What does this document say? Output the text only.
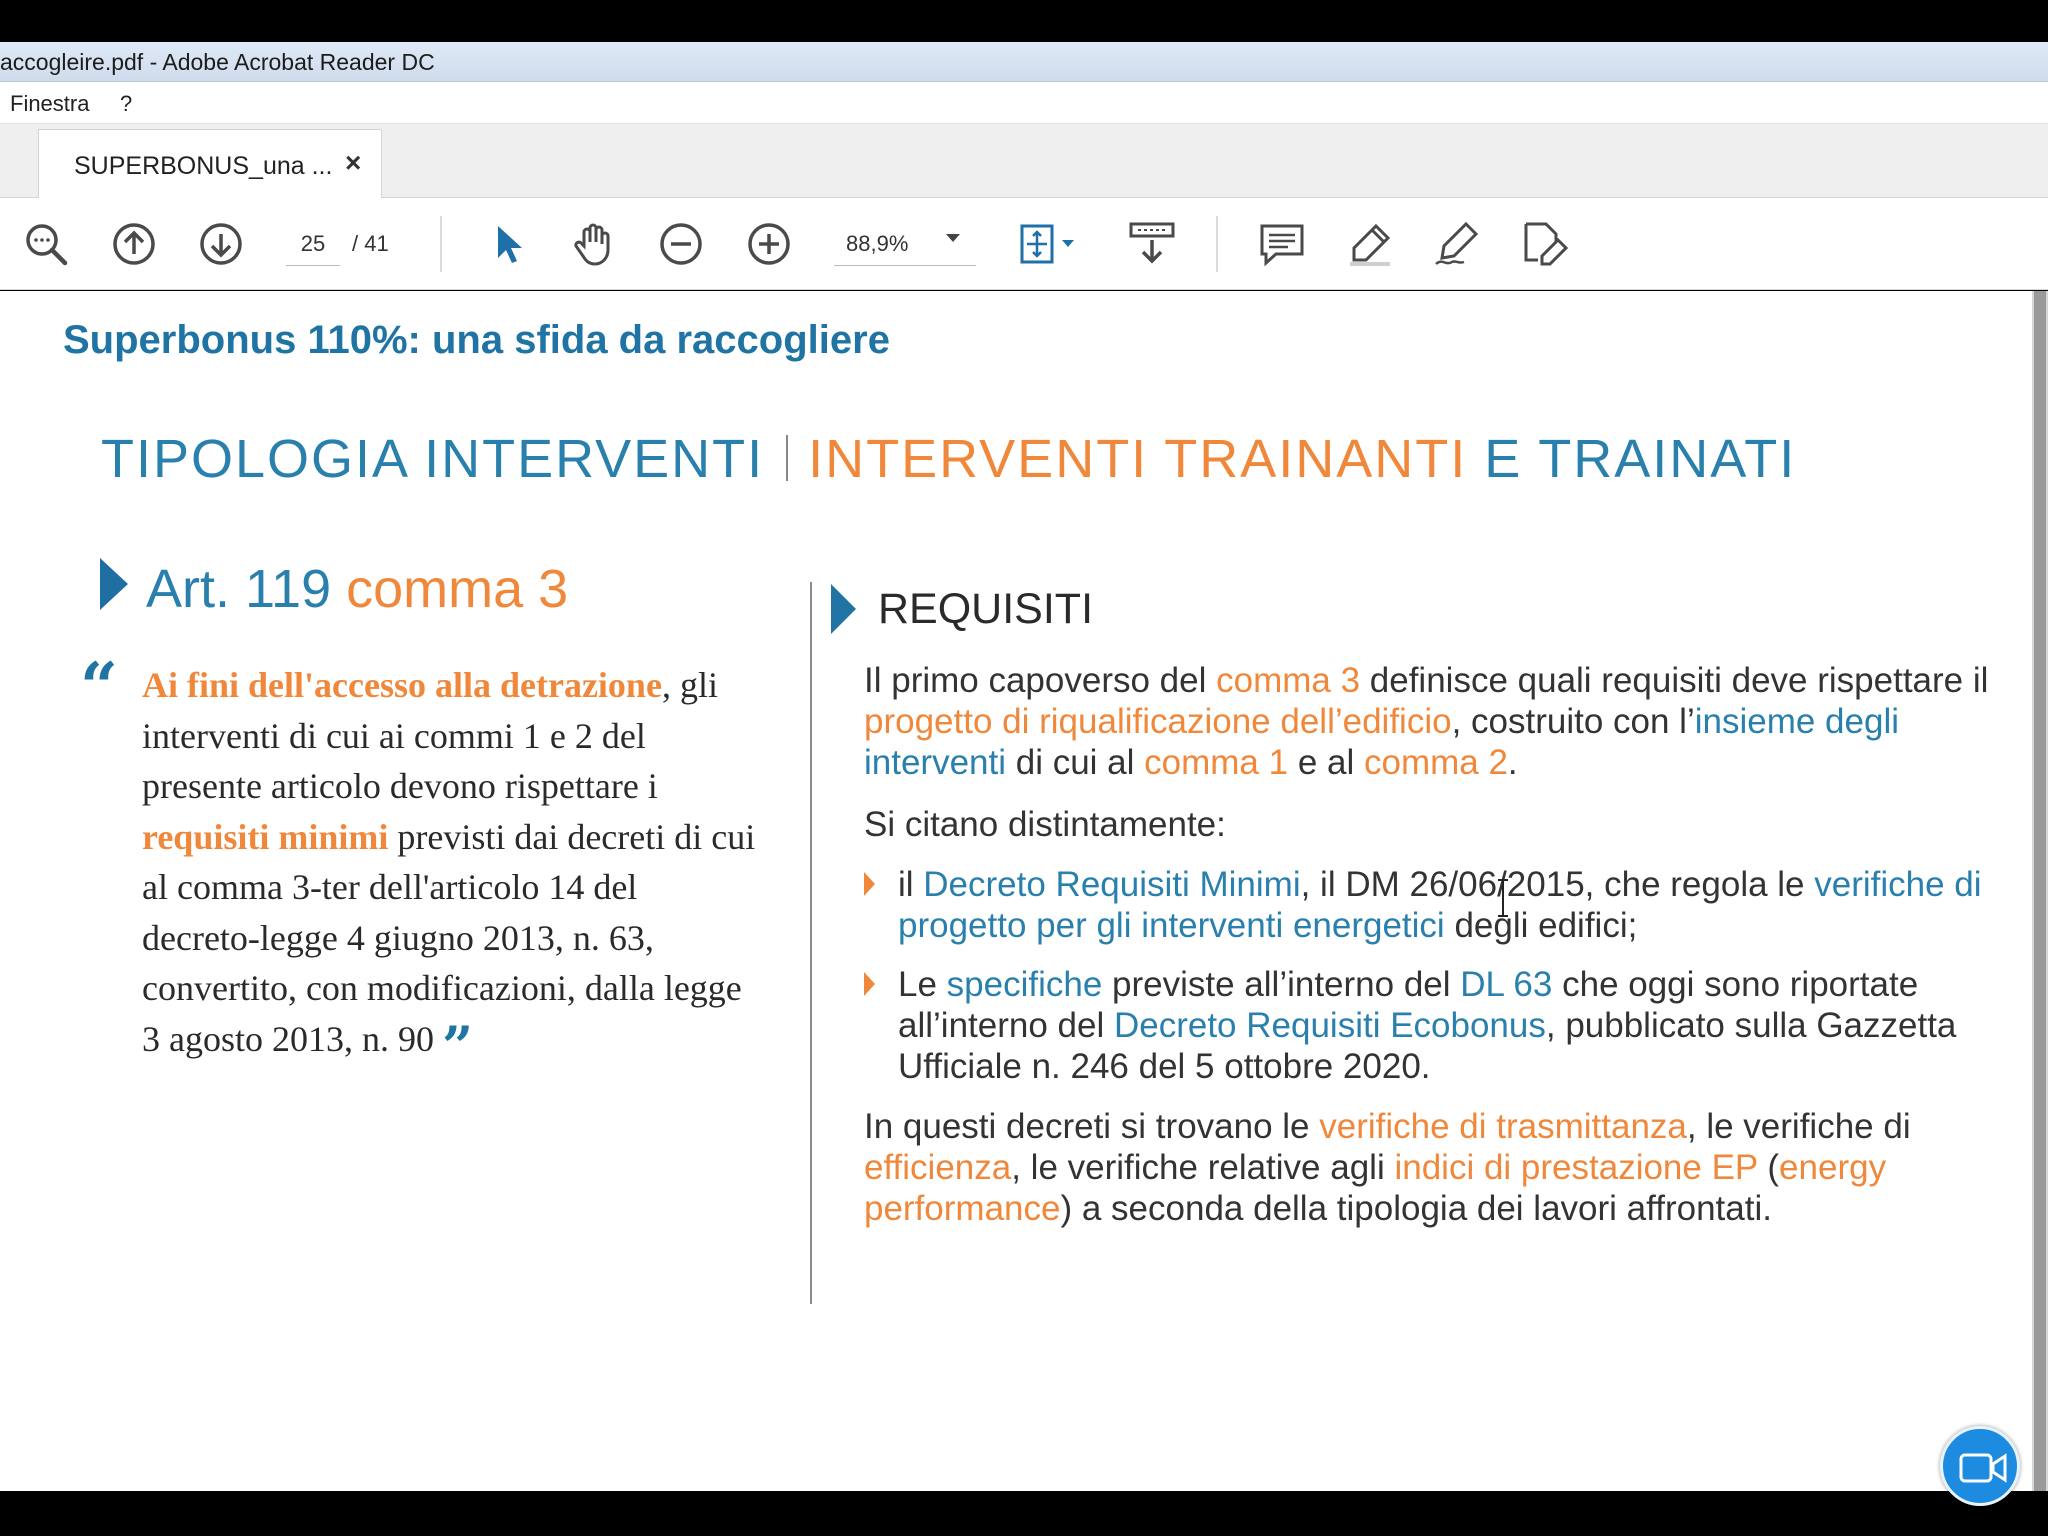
accogleire.pdf - Adobe Acrobat Reader DC
Finestra ?
SUPERBONUS_una ... ×
25
/ 41	88,9%
Superbonus 110%: una sfida da raccogliere
TIPOLOGIA INTERVENTI INTERVENTI TRAINANTI E TRAINATI
Art. 119 comma 3
“ Ai fini dell'accesso alla detrazione, gli interventi di cui ai commi 1 e 2 del presente articolo devono rispettare i requisiti minimi previsti dai decreti di cui al comma 3-ter dell'articolo 14 del decreto-legge 4 giugno 2013, n. 63, convertito, con modificazioni, dalla legge 3 agosto 2013, n. 90 ”
REQUISITI
Il primo capoverso del comma 3 definisce quali requisiti deve rispettare il progetto di riqualificazione dell’edificio, costruito con l’insieme degli interventi di cui al comma 1 e al comma 2.
Si citano distintamente:
il Decreto Requisiti Minimi, il DM 26/06/2015, che regola le verifiche di progetto per gli interventi energetici degli edifici;
Le specifiche previste all’interno del DL 63 che oggi sono riportate all’interno del Decreto Requisiti Ecobonus, pubblicato sulla Gazzetta Ufficiale n. 246 del 5 ottobre 2020.
In questi decreti si trovano le verifiche di trasmittanza, le verifiche di efficienza, le verifiche relative agli indici di prestazione EP (energy performance) a seconda della tipologia dei lavori affrontati.
